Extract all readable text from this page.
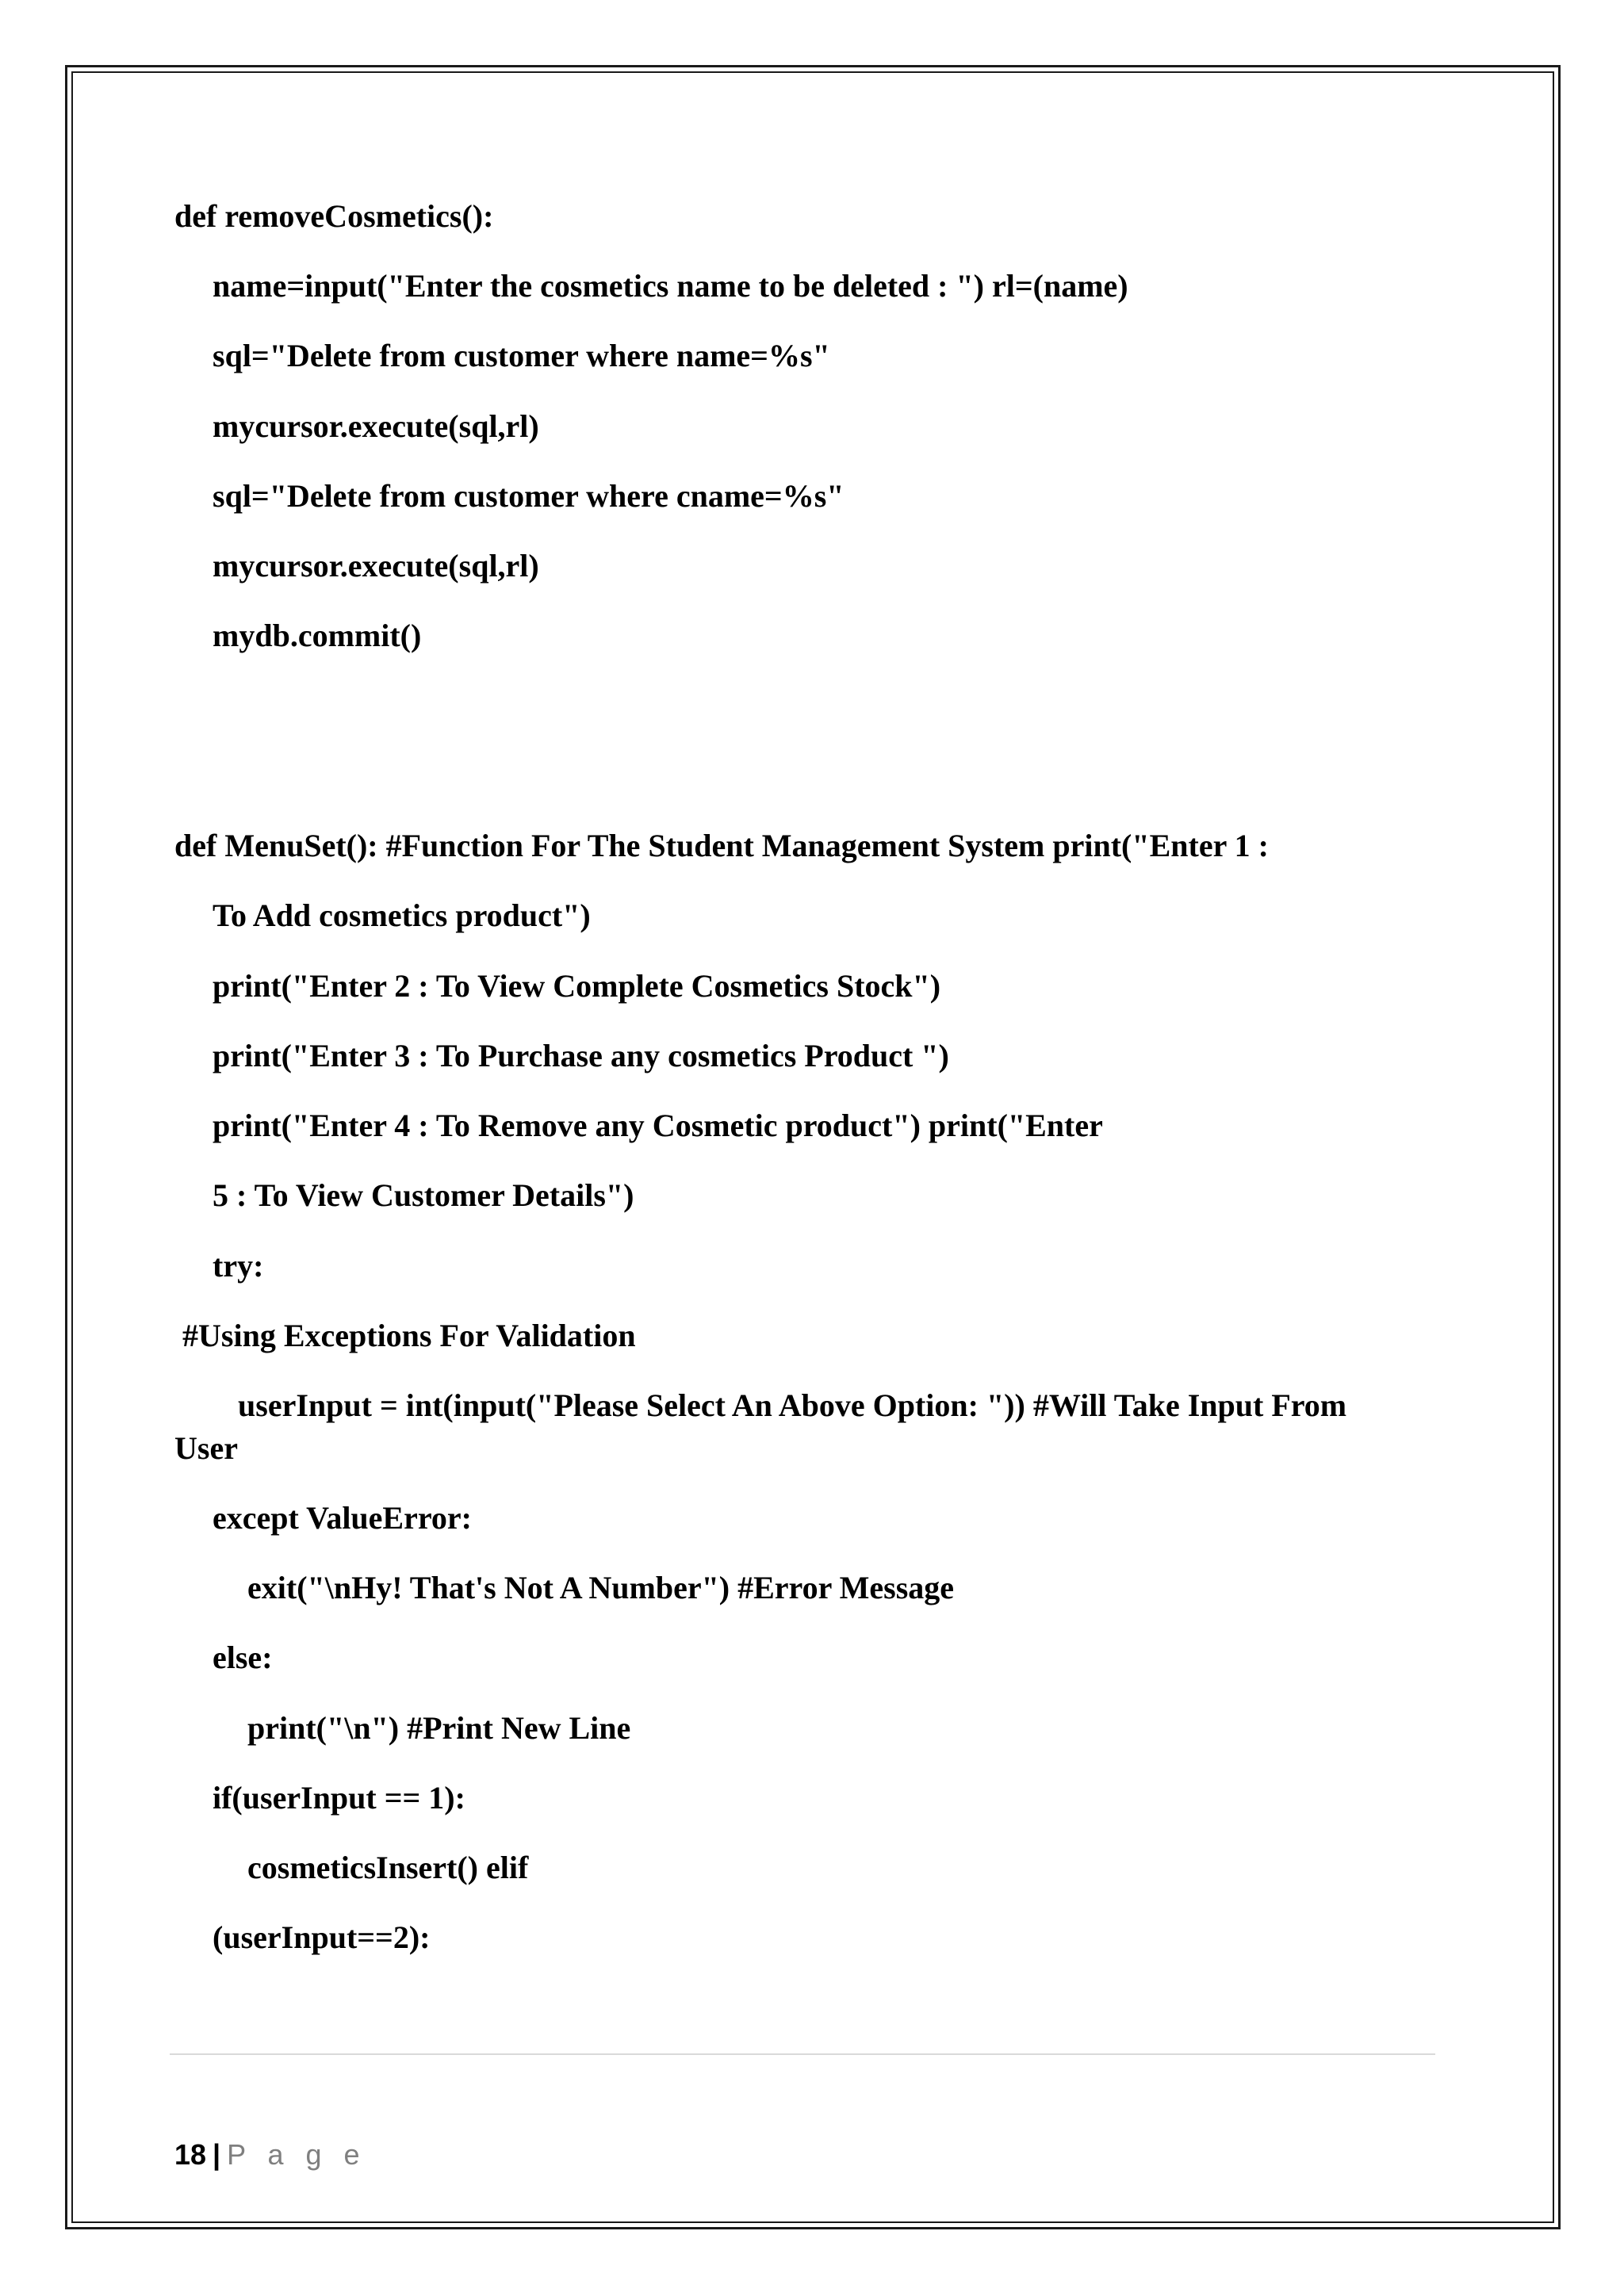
def removeCosmetics():

name=input("Enter the cosmetics name to be deleted : ") rl=(name)

sql="Delete from customer where name=%s"

mycursor.execute(sql,rl)

sql="Delete from customer where cname=%s"

mycursor.execute(sql,rl)

mydb.commit()

def MenuSet(): #Function For The Student Management System print("Enter 1 :

To Add cosmetics product")

print("Enter 2 : To View Complete Cosmetics Stock")

print("Enter 3 : To Purchase any cosmetics Product ")

print("Enter 4 : To Remove any Cosmetic product") print("Enter

5 : To View Customer Details")

try:

#Using Exceptions For Validation

userInput = int(input("Please Select An Above Option: ")) #Will Take Input From

User

except ValueError:

exit("\nHy! That's Not A Number") #Error Message

else:

print("\n") #Print New Line

if(userInput == 1):

cosmeticsInsert() elif

(userInput==2):

18 | P a g e
